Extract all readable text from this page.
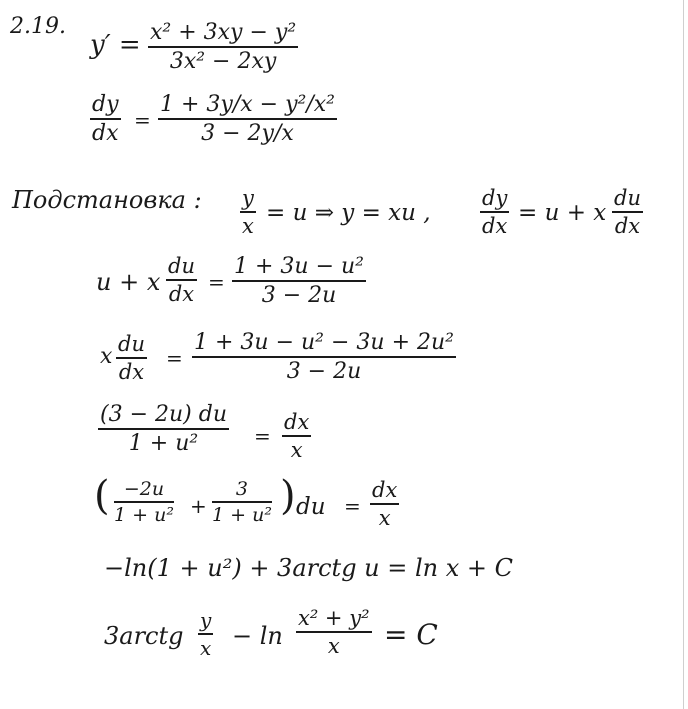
2.19.
y′ = x² + 3xy − y²
3x² − 2xy
dy
dx
=
1 + 3y/x − y²/x²
3 − 2y/x
Подстановка : y
x = u ⇒ y = xu ,
dy
dx = u + x
du
dx
u + x
du
dx =
1 + 3u − u²
3 − 2u
x du
dx
=
1 + 3u − u² − 3u + 2u²
3 − 2u
(3 − 2u) du
1 + u²	=
dx
x
( −2u
1 + u² +
3
1 + u² ) du =
dx
x
−ln(1 + u²) + 3arctg u = ln x + C
3arctg
y
x − ln
x² + y²
x = C
